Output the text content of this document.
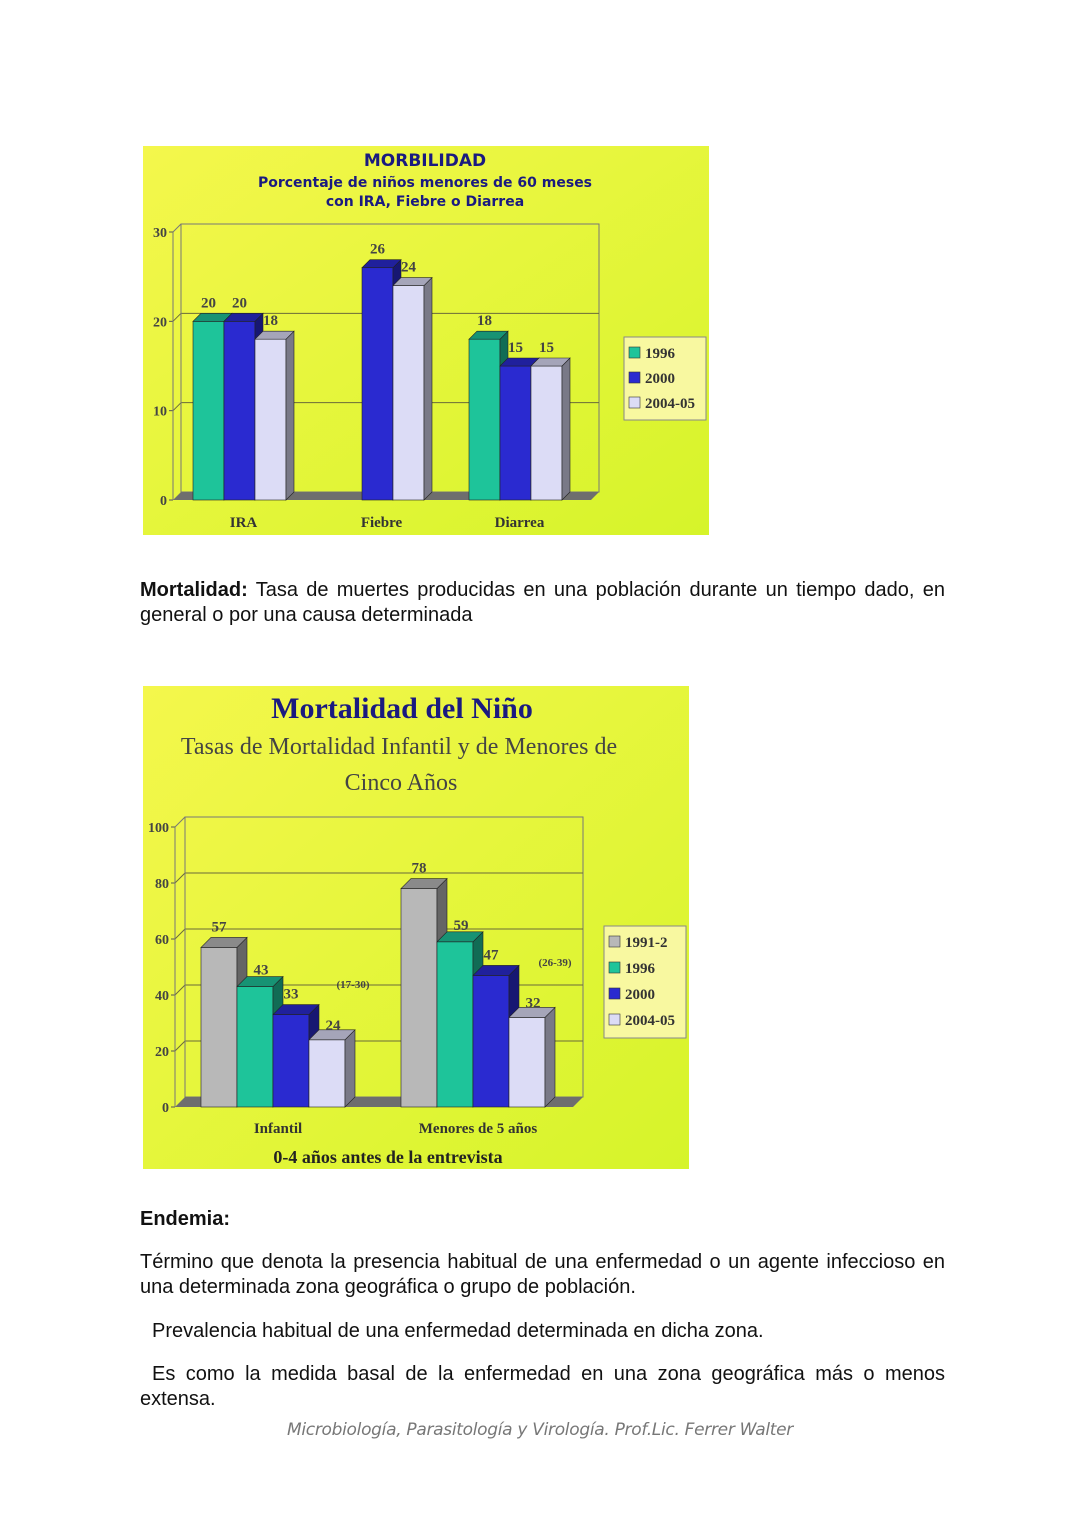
MORBILIDAD
Porcentaje de niños menores de 60 meses
con IRA, Fiebre o Diarrea
0
10
20
30
20 20
18
IRA
26
24
Fiebre
18
15 15
Diarrea
1996
2000
2004-05

Mortalidad: Tasa de muertes producidas en una población durante un tiempo dado, en general o por una causa determinada

Mortalidad del Niño
Tasas de Mortalidad Infantil y de Menores de
Cinco Años
0-4 años antes de la entrevista
0
20
40
60
80
100
57
43
33
24
Infantil
78
59
47
32
Menores de 5 años
1991-2
1996
2000
2004-05
(17-30)
(26-39)

Endemia:

Término que denota la presencia habitual de una enfermedad o un agente infeccioso en una determinada zona geográfica o grupo de población.

Prevalencia habitual de una enfermedad determinada en dicha zona.

Es como la medida basal de la enfermedad en una zona geográfica más o menos extensa.

Microbiología, Parasitología y Virología. Prof.Lic. Ferrer Walter
